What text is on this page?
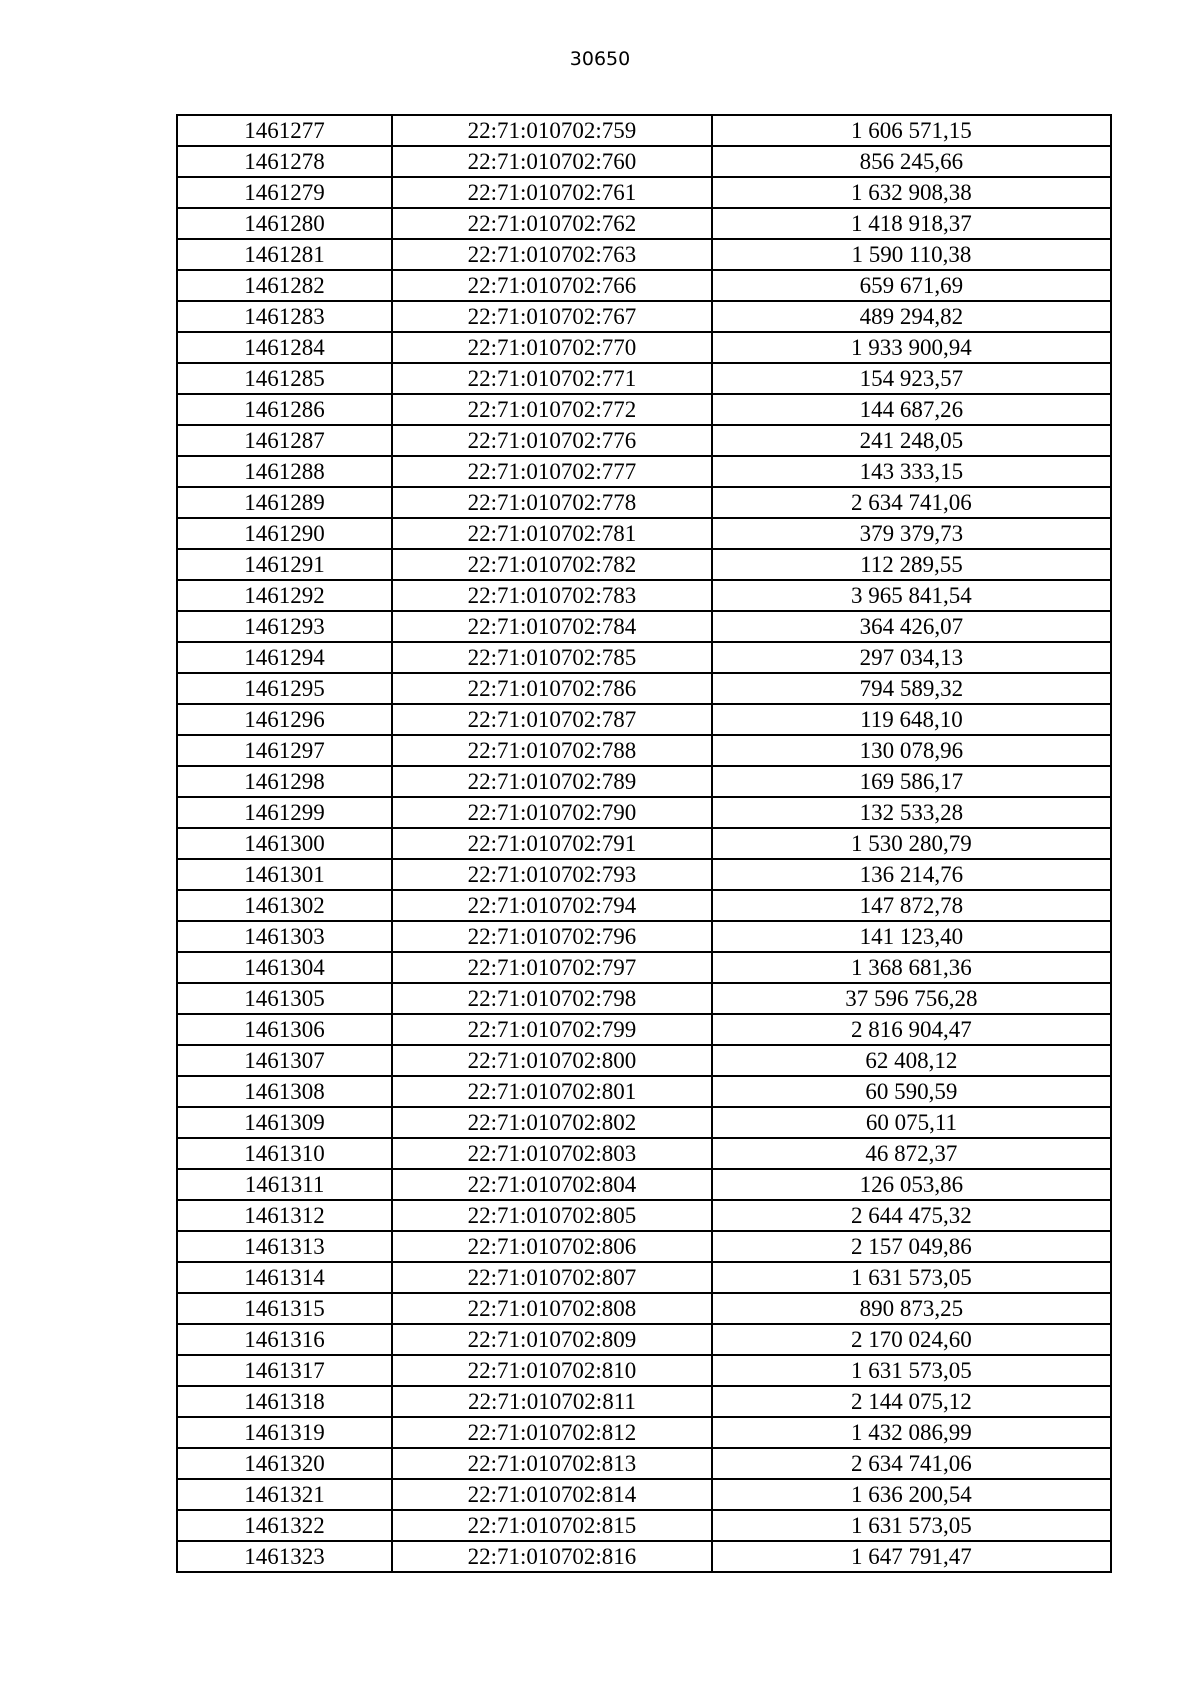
30650
1461277	22:71:010702:759	1 606 571,15
1461278	22:71:010702:760	856 245,66
1461279	22:71:010702:761	1 632 908,38
1461280	22:71:010702:762	1 418 918,37
1461281	22:71:010702:763	1 590 110,38
1461282	22:71:010702:766	659 671,69
1461283	22:71:010702:767	489 294,82
1461284	22:71:010702:770	1 933 900,94
1461285	22:71:010702:771	154 923,57
1461286	22:71:010702:772	144 687,26
1461287	22:71:010702:776	241 248,05
1461288	22:71:010702:777	143 333,15
1461289	22:71:010702:778	2 634 741,06
1461290	22:71:010702:781	379 379,73
1461291	22:71:010702:782	112 289,55
1461292	22:71:010702:783	3 965 841,54
1461293	22:71:010702:784	364 426,07
1461294	22:71:010702:785	297 034,13
1461295	22:71:010702:786	794 589,32
1461296	22:71:010702:787	119 648,10
1461297	22:71:010702:788	130 078,96
1461298	22:71:010702:789	169 586,17
1461299	22:71:010702:790	132 533,28
1461300	22:71:010702:791	1 530 280,79
1461301	22:71:010702:793	136 214,76
1461302	22:71:010702:794	147 872,78
1461303	22:71:010702:796	141 123,40
1461304	22:71:010702:797	1 368 681,36
1461305	22:71:010702:798	37 596 756,28
1461306	22:71:010702:799	2 816 904,47
1461307	22:71:010702:800	62 408,12
1461308	22:71:010702:801	60 590,59
1461309	22:71:010702:802	60 075,11
1461310	22:71:010702:803	46 872,37
1461311	22:71:010702:804	126 053,86
1461312	22:71:010702:805	2 644 475,32
1461313	22:71:010702:806	2 157 049,86
1461314	22:71:010702:807	1 631 573,05
1461315	22:71:010702:808	890 873,25
1461316	22:71:010702:809	2 170 024,60
1461317	22:71:010702:810	1 631 573,05
1461318	22:71:010702:811	2 144 075,12
1461319	22:71:010702:812	1 432 086,99
1461320	22:71:010702:813	2 634 741,06
1461321	22:71:010702:814	1 636 200,54
1461322	22:71:010702:815	1 631 573,05
1461323	22:71:010702:816	1 647 791,47
